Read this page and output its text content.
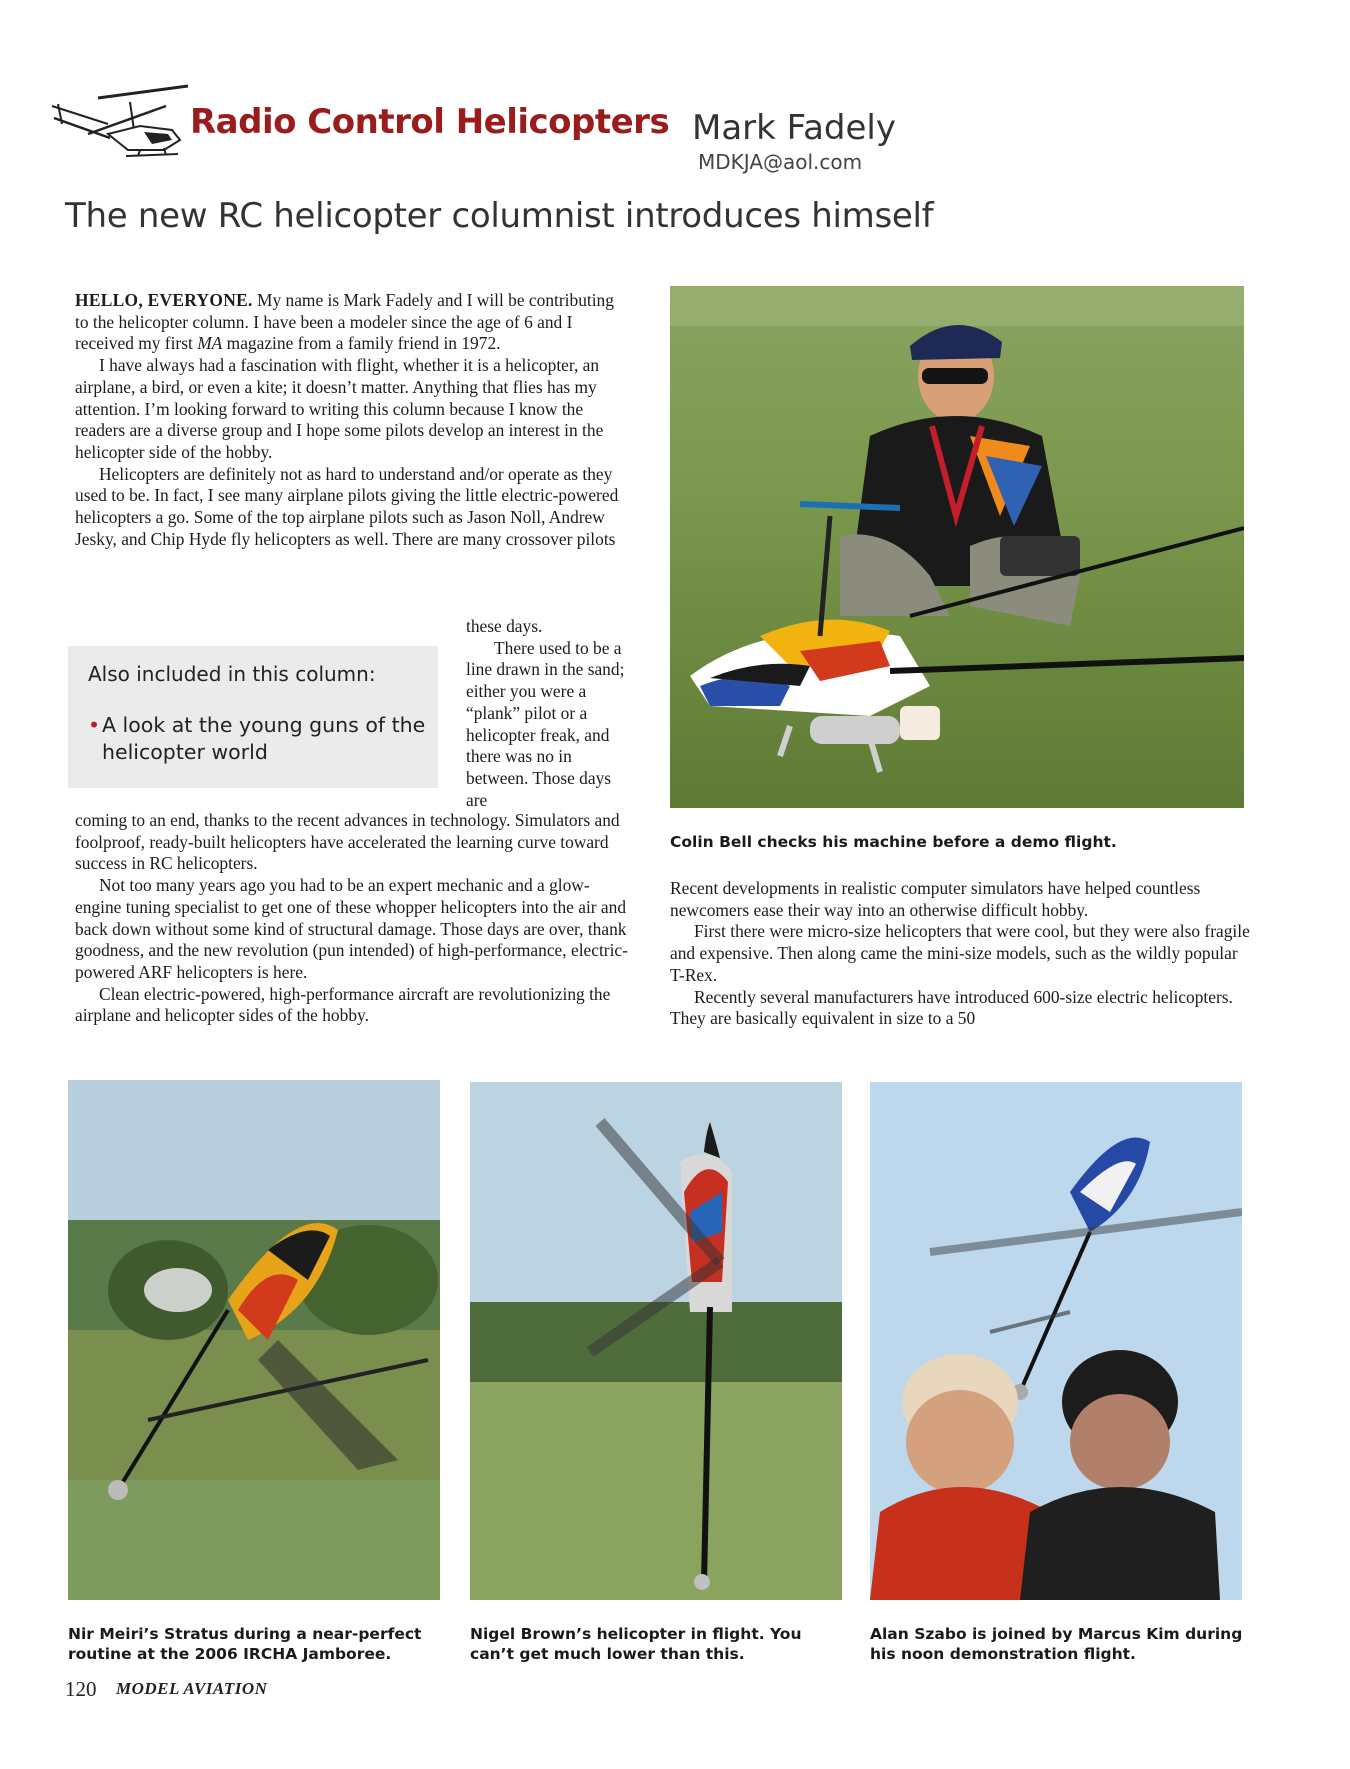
Radio Control Helicopters Mark Fadely
MDKJA@aol.com
The new RC helicopter columnist introduces himself

HELLO, EVERYONE. My name is Mark Fadely and I will be contributing to the helicopter column. I have been a modeler since the age of 6 and I received my first MA magazine from a family friend in 1972.

I have always had a fascination with flight, whether it is a helicopter, an airplane, a bird, or even a kite; it doesn’t matter. Anything that flies has my attention. I’m looking forward to writing this column because I know the readers are a diverse group and I hope some pilots develop an interest in the helicopter side of the hobby.

Helicopters are definitely not as hard to understand and/or operate as they used to be. In fact, I see many airplane pilots giving the little electric-powered helicopters a go. Some of the top airplane pilots such as Jason Noll, Andrew Jesky, and Chip Hyde fly helicopters as well. There are many crossover pilots

these days.

There used to be a line drawn in the sand; either you were a “plank” pilot or a helicopter freak, and there was no in between. Those days are

Also included in this column:
• A look at the young guns of the helicopter world

coming to an end, thanks to the recent advances in technology. Simulators and foolproof, ready-built helicopters have accelerated the learning curve toward success in RC helicopters.

Not too many years ago you had to be an expert mechanic and a glow-engine tuning specialist to get one of these whopper helicopters into the air and back down without some kind of structural damage. Those days are over, thank goodness, and the new revolution (pun intended) of high-performance, electric-powered ARF helicopters is here.

Clean electric-powered, high-performance aircraft are revolutionizing the airplane and helicopter sides of the hobby.

Colin Bell checks his machine before a demo flight.

Recent developments in realistic computer simulators have helped countless newcomers ease their way into an otherwise difficult hobby.

First there were micro-size helicopters that were cool, but they were also fragile and expensive. Then along came the mini-size models, such as the wildly popular T-Rex.

Recently several manufacturers have introduced 600-size electric helicopters. They are basically equivalent in size to a 50

Nir Meiri’s Stratus during a near-perfect routine at the 2006 IRCHA Jamboree.
Nigel Brown’s helicopter in flight. You can’t get much lower than this.
Alan Szabo is joined by Marcus Kim during his noon demonstration flight.
120 MODEL AVIATION
